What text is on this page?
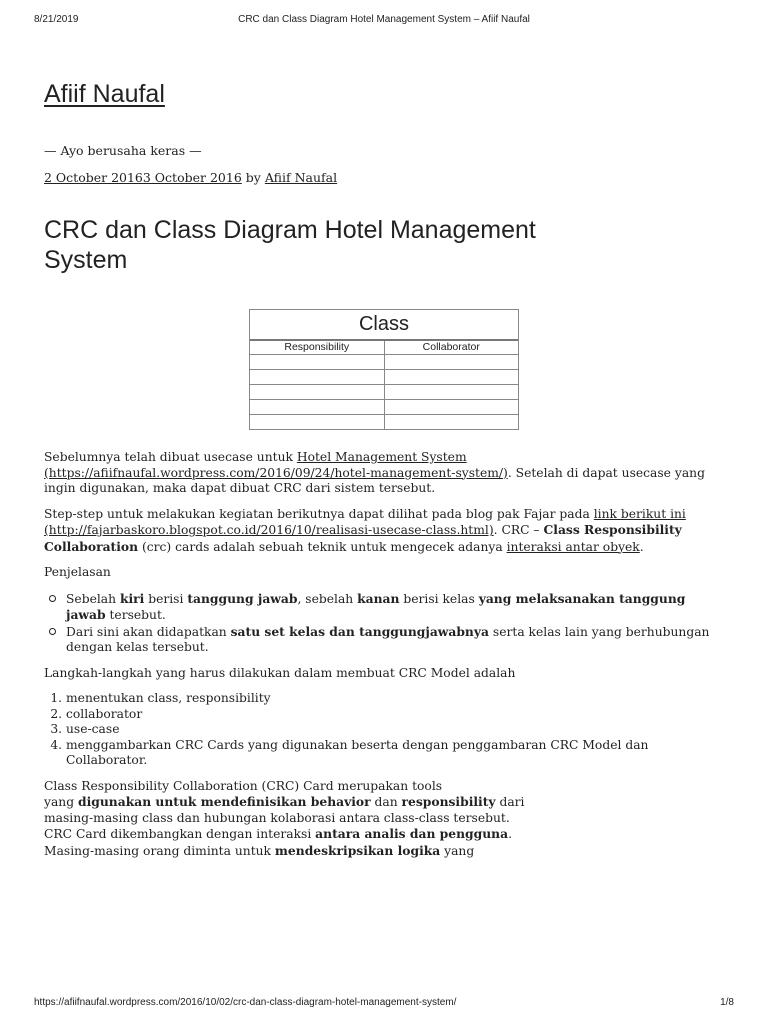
8/21/2019	CRC dan Class Diagram Hotel Management System – Afiif Naufal
Afiif Naufal
— Ayo berusaha keras —
2 October 20163 October 2016 by Afiif Naufal
CRC dan Class Diagram Hotel Management System
Class
Responsibility	Collaborator

Sebelumnya telah dibuat usecase untuk Hotel Management System (https://afiifnaufal.wordpress.com/2016/09/24/hotel-management-system/). Setelah di dapat usecase yang ingin digunakan, maka dapat dibuat CRC dari sistem tersebut.

Step-step untuk melakukan kegiatan berikutnya dapat dilihat pada blog pak Fajar pada link berikut ini (http://fajarbaskoro.blogspot.co.id/2016/10/realisasi-usecase-class.html). CRC – Class Responsibility Collaboration (crc) cards adalah sebuah teknik untuk mengecek adanya interaksi antar obyek.

Penjelasan

Sebelah kiri berisi tanggung jawab, sebelah kanan berisi kelas yang melaksanakan tanggung jawab tersebut.
Dari sini akan didapatkan satu set kelas dan tanggungjawabnya serta kelas lain yang berhubungan dengan kelas tersebut.

Langkah-langkah yang harus dilakukan dalam membuat CRC Model adalah

1. menentukan class, responsibility
2. collaborator
3. use-case
4. menggambarkan CRC Cards yang digunakan beserta dengan penggambaran CRC Model dan Collaborator.

Class Responsibility Collaboration (CRC) Card merupakan tools
yang digunakan untuk mendefinisikan behavior dan responsibility dari
masing-masing class dan hubungan kolaborasi antara class-class tersebut.
CRC Card dikembangkan dengan interaksi antara analis dan pengguna.
Masing-masing orang diminta untuk mendeskripsikan logika yang

https://afiifnaufal.wordpress.com/2016/10/02/crc-dan-class-diagram-hotel-management-system/	1/8
